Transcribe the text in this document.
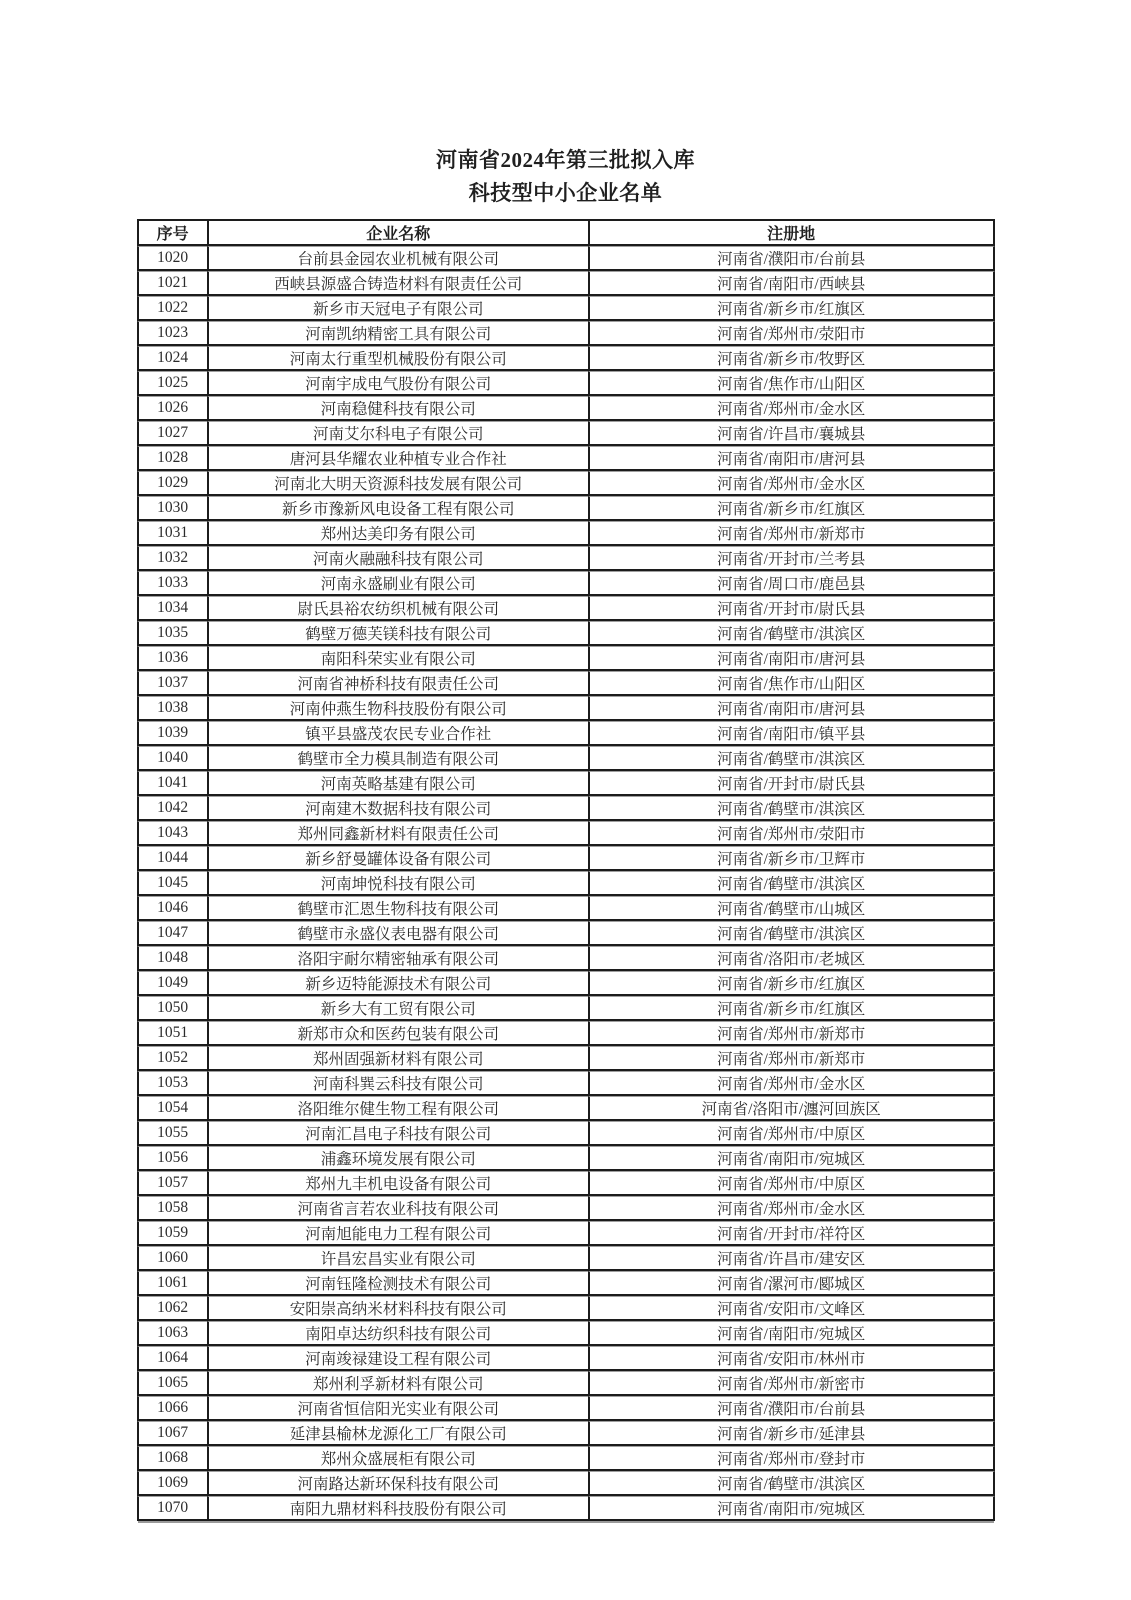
河南省2024年第三批拟入库
科技型中小企业名单
序号	企业名称	注册地
1020	台前县金园农业机械有限公司	河南省/濮阳市/台前县
1021	西峡县源盛合铸造材料有限责任公司	河南省/南阳市/西峡县
1022	新乡市天冠电子有限公司	河南省/新乡市/红旗区
1023	河南凯纳精密工具有限公司	河南省/郑州市/荥阳市
1024	河南太行重型机械股份有限公司	河南省/新乡市/牧野区
1025	河南宇成电气股份有限公司	河南省/焦作市/山阳区
1026	河南稳健科技有限公司	河南省/郑州市/金水区
1027	河南艾尔科电子有限公司	河南省/许昌市/襄城县
1028	唐河县华耀农业种植专业合作社	河南省/南阳市/唐河县
1029	河南北大明天资源科技发展有限公司	河南省/郑州市/金水区
1030	新乡市豫新风电设备工程有限公司	河南省/新乡市/红旗区
1031	郑州达美印务有限公司	河南省/郑州市/新郑市
1032	河南火融融科技有限公司	河南省/开封市/兰考县
1033	河南永盛刷业有限公司	河南省/周口市/鹿邑县
1034	尉氏县裕农纺织机械有限公司	河南省/开封市/尉氏县
1035	鹤壁万德芙镁科技有限公司	河南省/鹤壁市/淇滨区
1036	南阳科荣实业有限公司	河南省/南阳市/唐河县
1037	河南省神桥科技有限责任公司	河南省/焦作市/山阳区
1038	河南仲燕生物科技股份有限公司	河南省/南阳市/唐河县
1039	镇平县盛茂农民专业合作社	河南省/南阳市/镇平县
1040	鹤壁市全力模具制造有限公司	河南省/鹤壁市/淇滨区
1041	河南英略基建有限公司	河南省/开封市/尉氏县
1042	河南建木数据科技有限公司	河南省/鹤壁市/淇滨区
1043	郑州同鑫新材料有限责任公司	河南省/郑州市/荥阳市
1044	新乡舒曼罐体设备有限公司	河南省/新乡市/卫辉市
1045	河南坤悦科技有限公司	河南省/鹤壁市/淇滨区
1046	鹤壁市汇恩生物科技有限公司	河南省/鹤壁市/山城区
1047	鹤壁市永盛仪表电器有限公司	河南省/鹤壁市/淇滨区
1048	洛阳宇耐尔精密轴承有限公司	河南省/洛阳市/老城区
1049	新乡迈特能源技术有限公司	河南省/新乡市/红旗区
1050	新乡大有工贸有限公司	河南省/新乡市/红旗区
1051	新郑市众和医药包装有限公司	河南省/郑州市/新郑市
1052	郑州固强新材料有限公司	河南省/郑州市/新郑市
1053	河南科巽云科技有限公司	河南省/郑州市/金水区
1054	洛阳维尔健生物工程有限公司	河南省/洛阳市/瀍河回族区
1055	河南汇昌电子科技有限公司	河南省/郑州市/中原区
1056	浦鑫环境发展有限公司	河南省/南阳市/宛城区
1057	郑州九丰机电设备有限公司	河南省/郑州市/中原区
1058	河南省言若农业科技有限公司	河南省/郑州市/金水区
1059	河南旭能电力工程有限公司	河南省/开封市/祥符区
1060	许昌宏昌实业有限公司	河南省/许昌市/建安区
1061	河南钰隆检测技术有限公司	河南省/漯河市/郾城区
1062	安阳崇高纳米材料科技有限公司	河南省/安阳市/文峰区
1063	南阳卓达纺织科技有限公司	河南省/南阳市/宛城区
1064	河南竣禄建设工程有限公司	河南省/安阳市/林州市
1065	郑州利孚新材料有限公司	河南省/郑州市/新密市
1066	河南省恒信阳光实业有限公司	河南省/濮阳市/台前县
1067	延津县榆林龙源化工厂有限公司	河南省/新乡市/延津县
1068	郑州众盛展柜有限公司	河南省/郑州市/登封市
1069	河南路达新环保科技有限公司	河南省/鹤壁市/淇滨区
1070	南阳九鼎材料科技股份有限公司	河南省/南阳市/宛城区
